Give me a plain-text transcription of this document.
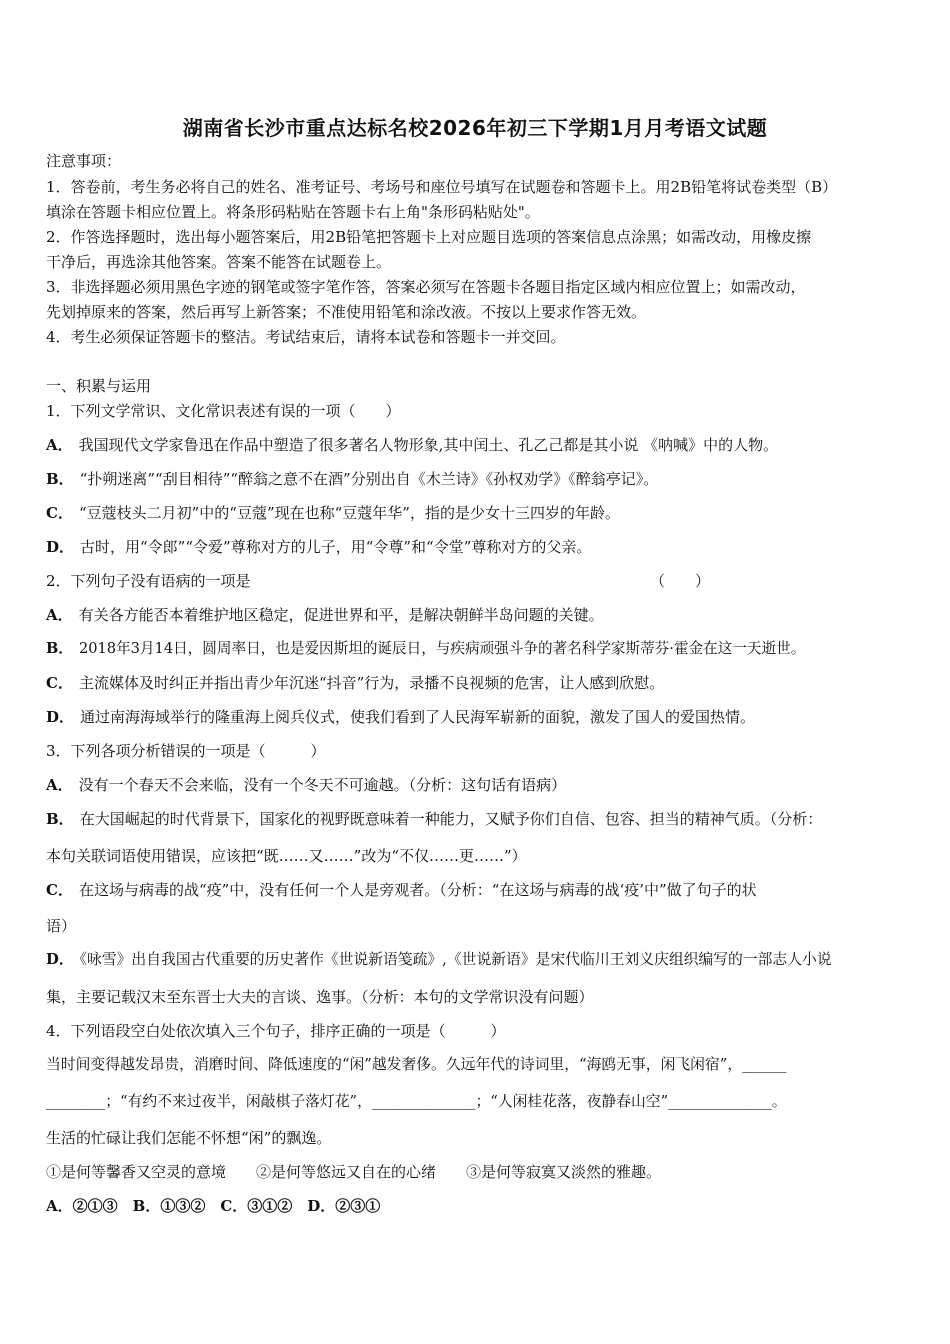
湖南省长沙市重点达标名校2026年初三下学期1月月考语文试题
注意事项：
1．答卷前，考生务必将自己的姓名、准考证号、考场号和座位号填写在试题卷和答题卡上。用2B铅笔将试卷类型（B）
填涂在答题卡相应位置上。将条形码粘贴在答题卡右上角"条形码粘贴处"。
2．作答选择题时，选出每小题答案后，用2B铅笔把答题卡上对应题目选项的答案信息点涂黑；如需改动，用橡皮擦
干净后，再选涂其他答案。答案不能答在试题卷上。
3．非选择题必须用黑色字迹的钢笔或签字笔作答，答案必须写在答题卡各题目指定区域内相应位置上；如需改动，
先划掉原来的答案，然后再写上新答案；不准使用铅笔和涂改液。不按以上要求作答无效。
4．考生必须保证答题卡的整洁。考试结束后，请将本试卷和答题卡一并交回。
一、积累与运用
1．下列文学常识、文化常识表述有误的一项（　　）
A． 我国现代文学家鲁迅在作品中塑造了很多著名人物形象,其中闰土、孔乙己都是其小说 《呐喊》中的人物。
B． “扑朔迷离”“刮目相待”“醉翁之意不在酒”分别出自《木兰诗》《孙权劝学》《醉翁亭记》。
C． “豆蔻枝头二月初”中的“豆蔻”现在也称“豆蔻年华”，指的是少女十三四岁的年龄。
D． 古时，用“令郎”“令爱”尊称对方的儿子，用“令尊”和“令堂”尊称对方的父亲。
2．下列句子没有语病的一项是	（　　）
A． 有关各方能否本着维护地区稳定，促进世界和平，是解决朝鲜半岛问题的关键。
B． 2018年3月14日，圆周率日，也是爱因斯坦的诞辰日，与疾病顽强斗争的著名科学家斯蒂芬·霍金在这一天逝世。
C． 主流媒体及时纠正并指出青少年沉迷“抖音”行为，录播不良视频的危害，让人感到欣慰。
D． 通过南海海域举行的隆重海上阅兵仪式，使我们看到了人民海军崭新的面貌，激发了国人的爱国热情。
3．下列各项分析错误的一项是（　　　）
A． 没有一个春天不会来临，没有一个冬天不可逾越。（分析：这句话有语病）
B． 在大国崛起的时代背景下，国家化的视野既意味着一种能力，又赋予你们自信、包容、担当的精神气质。（分析：
本句关联词语使用错误，应该把“既……又……”改为“不仅……更……”）
C． 在这场与病毒的战“疫”中，没有任何一个人是旁观者。（分析：“在这场与病毒的战‘疫’中”做了句子的状
语）
D． 《咏雪》出自我国古代重要的历史著作《世说新语笺疏》,《世说新语》是宋代临川王刘义庆组织编写的一部志人小说
集，主要记载汉末至东晋士大夫的言谈、逸事。（分析：本句的文学常识没有问题）
4．下列语段空白处依次填入三个句子，排序正确的一项是（　　　）
当时间变得越发昂贵，消磨时间、降低速度的“闲”越发奢侈。久远年代的诗词里，“海鸥无事，闲飞闲宿”，______
________；“有约不来过夜半，闲敲棋子落灯花”，______________；“人闲桂花落，夜静春山空”______________。
生活的忙碌让我们怎能不怀想“闲”的飘逸。
①是何等馨香又空灵的意境　　②是何等悠远又自在的心绪　　③是何等寂寞又淡然的雅趣。
A．②①③　B．①③②　C．③①②　D．②③①
